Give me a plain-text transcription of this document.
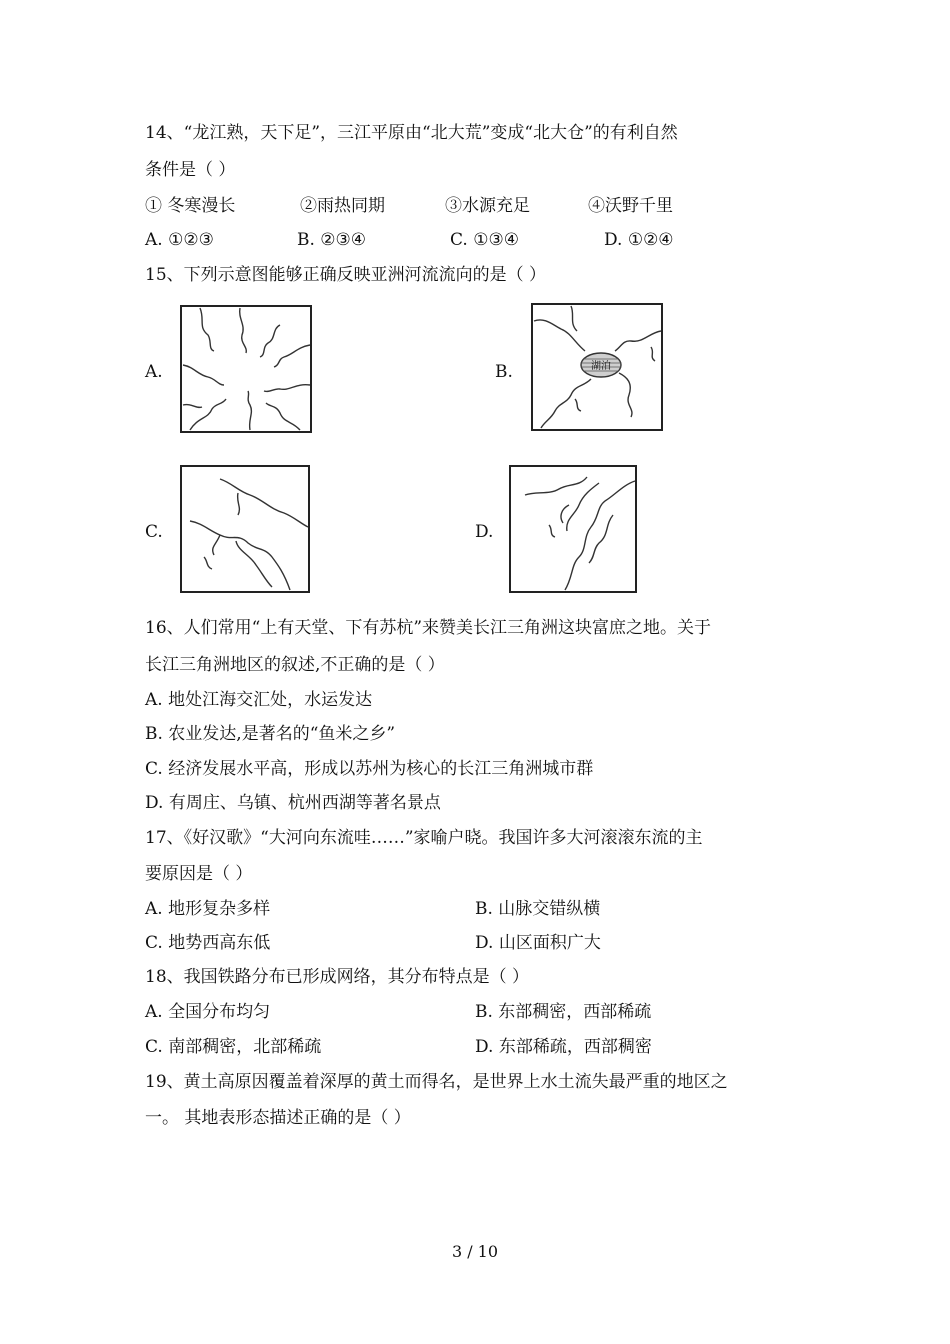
14、“龙江熟，天下足”，三江平原由“北大荒”变成“北大仓”的有利自然
条件是（ ）
① 冬寒漫长	②雨热同期	③水源充足	④沃野千里
A. ①②③	B. ②③④	C. ①③④	D. ①②④
15、下列示意图能够正确反映亚洲河流流向的是（ ）
A.	B.	湖泊
C.	D.
16、人们常用“上有天堂、下有苏杭”来赞美长江三角洲这块富庶之地。关于
长江三角洲地区的叙述,不正确的是（ ）
A. 地处江海交汇处，水运发达
B. 农业发达,是著名的“鱼米之乡”
C. 经济发展水平高，形成以苏州为核心的长江三角洲城市群
D. 有周庄、乌镇、杭州西湖等著名景点
17、《好汉歌》“大河向东流哇……”家喻户晓。我国许多大河滚滚东流的主
要原因是（ ）
A. 地形复杂多样	B. 山脉交错纵横
C. 地势西高东低	D. 山区面积广大
18、我国铁路分布已形成网络，其分布特点是（ ）
A. 全国分布均匀	B. 东部稠密，西部稀疏
C. 南部稠密，北部稀疏	D. 东部稀疏，西部稠密
19、黄土高原因覆盖着深厚的黄土而得名，是世界上水土流失最严重的地区之
一。 其地表形态描述正确的是（ ）
3 / 10
